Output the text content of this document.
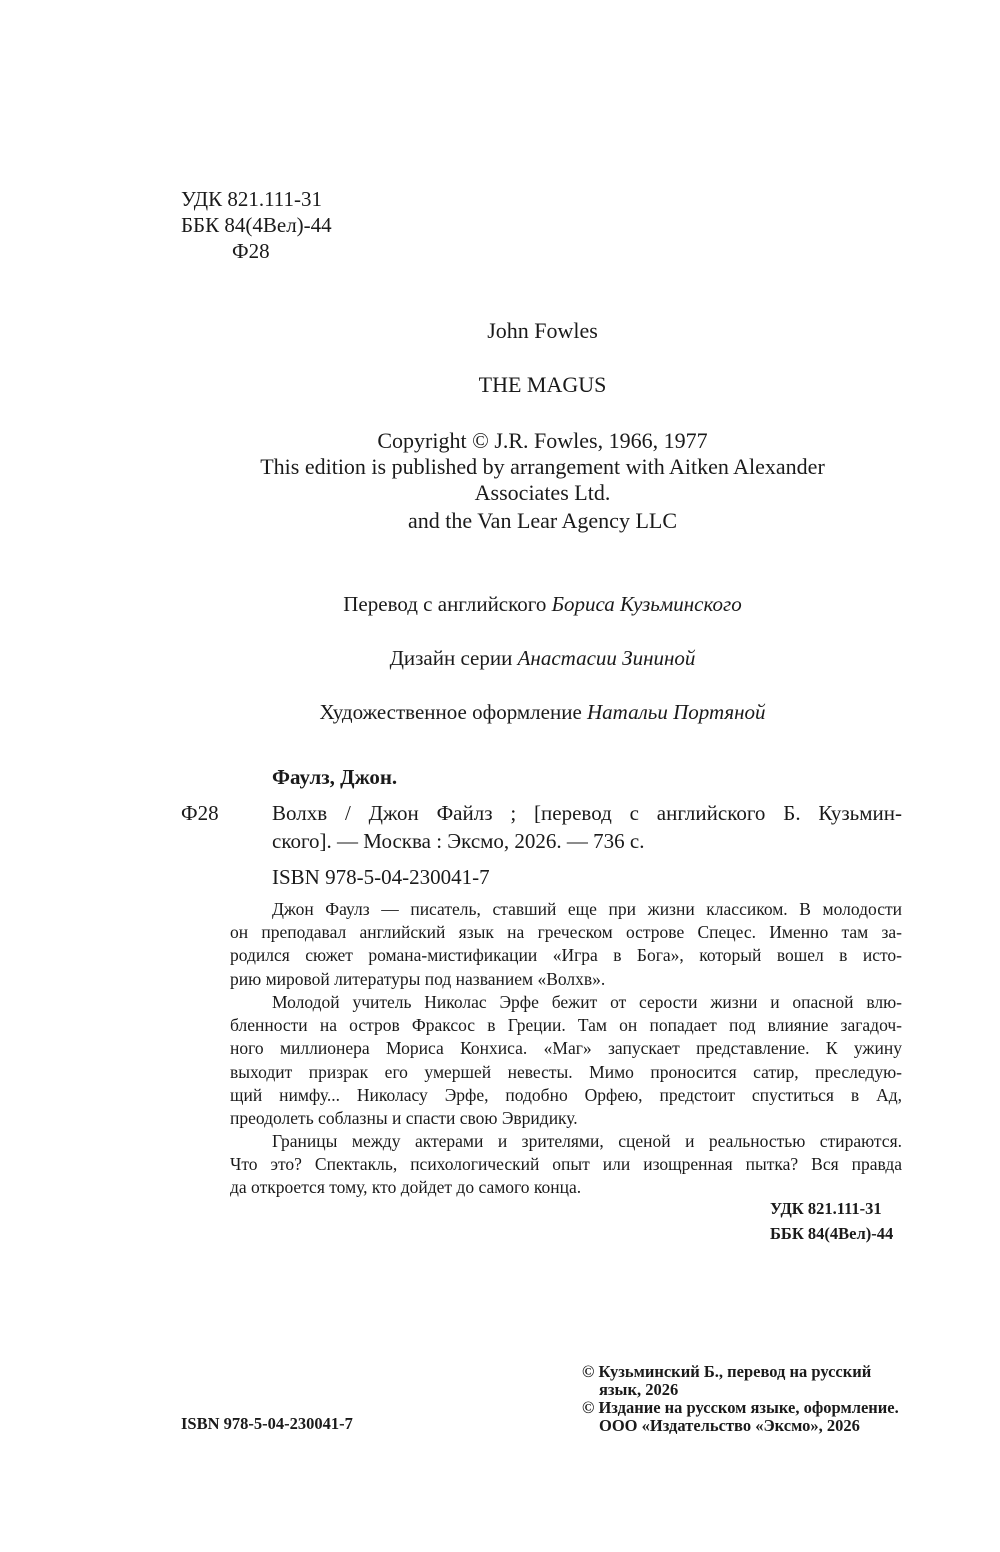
УДК 821.111-31
ББК 84(4Вел)-44
Ф28
John Fowles
THE MAGUS
Copyright © J.R. Fowles, 1966, 1977
This edition is published by arrangement with Aitken Alexander
Associates Ltd.
and the Van Lear Agency LLC
Перевод с английского Бориса Кузьминского
Дизайн серии Анастасии Зининой
Художественное оформление Натальи Портяной
Фаулз, Джон.
Ф28	Волхв / Джон Файлз ; [перевод с английского Б. Кузьмин-
ского]. — Москва : Эксмо, 2026. — 736 с.
ISBN 978-5-04-230041-7
Джон Фаулз — писатель, ставший еще при жизни классиком. В молодости
он преподавал английский язык на греческом острове Спецес. Именно там за-
родился сюжет романа-мистификации «Игра в Бога», который вошел в исто-
рию мировой литературы под названием «Волхв».
Молодой учитель Николас Эрфе бежит от серости жизни и опасной влю-
бленности на остров Фраксос в Греции. Там он попадает под влияние загадоч-
ного миллионера Мориса Конхиса. «Маг» запускает представление. К ужину
выходит призрак его умершей невесты. Мимо проносится сатир, преследую-
щий нимфу... Николасу Эрфе, подобно Орфею, предстоит спуститься в Ад,
преодолеть соблазны и спасти свою Эвридику.
Границы между актерами и зрителями, сценой и реальностью стираются.
Что это? Спектакль, психологический опыт или изощренная пытка? Вся правда
да откроется тому, кто дойдет до самого конца.
УДК 821.111-31
ББК 84(4Вел)-44
ISBN 978-5-04-230041-7
© Кузьминский Б., перевод на русский
язык, 2026
© Издание на русском языке, оформление.
ООО «Издательство «Эксмо», 2026
